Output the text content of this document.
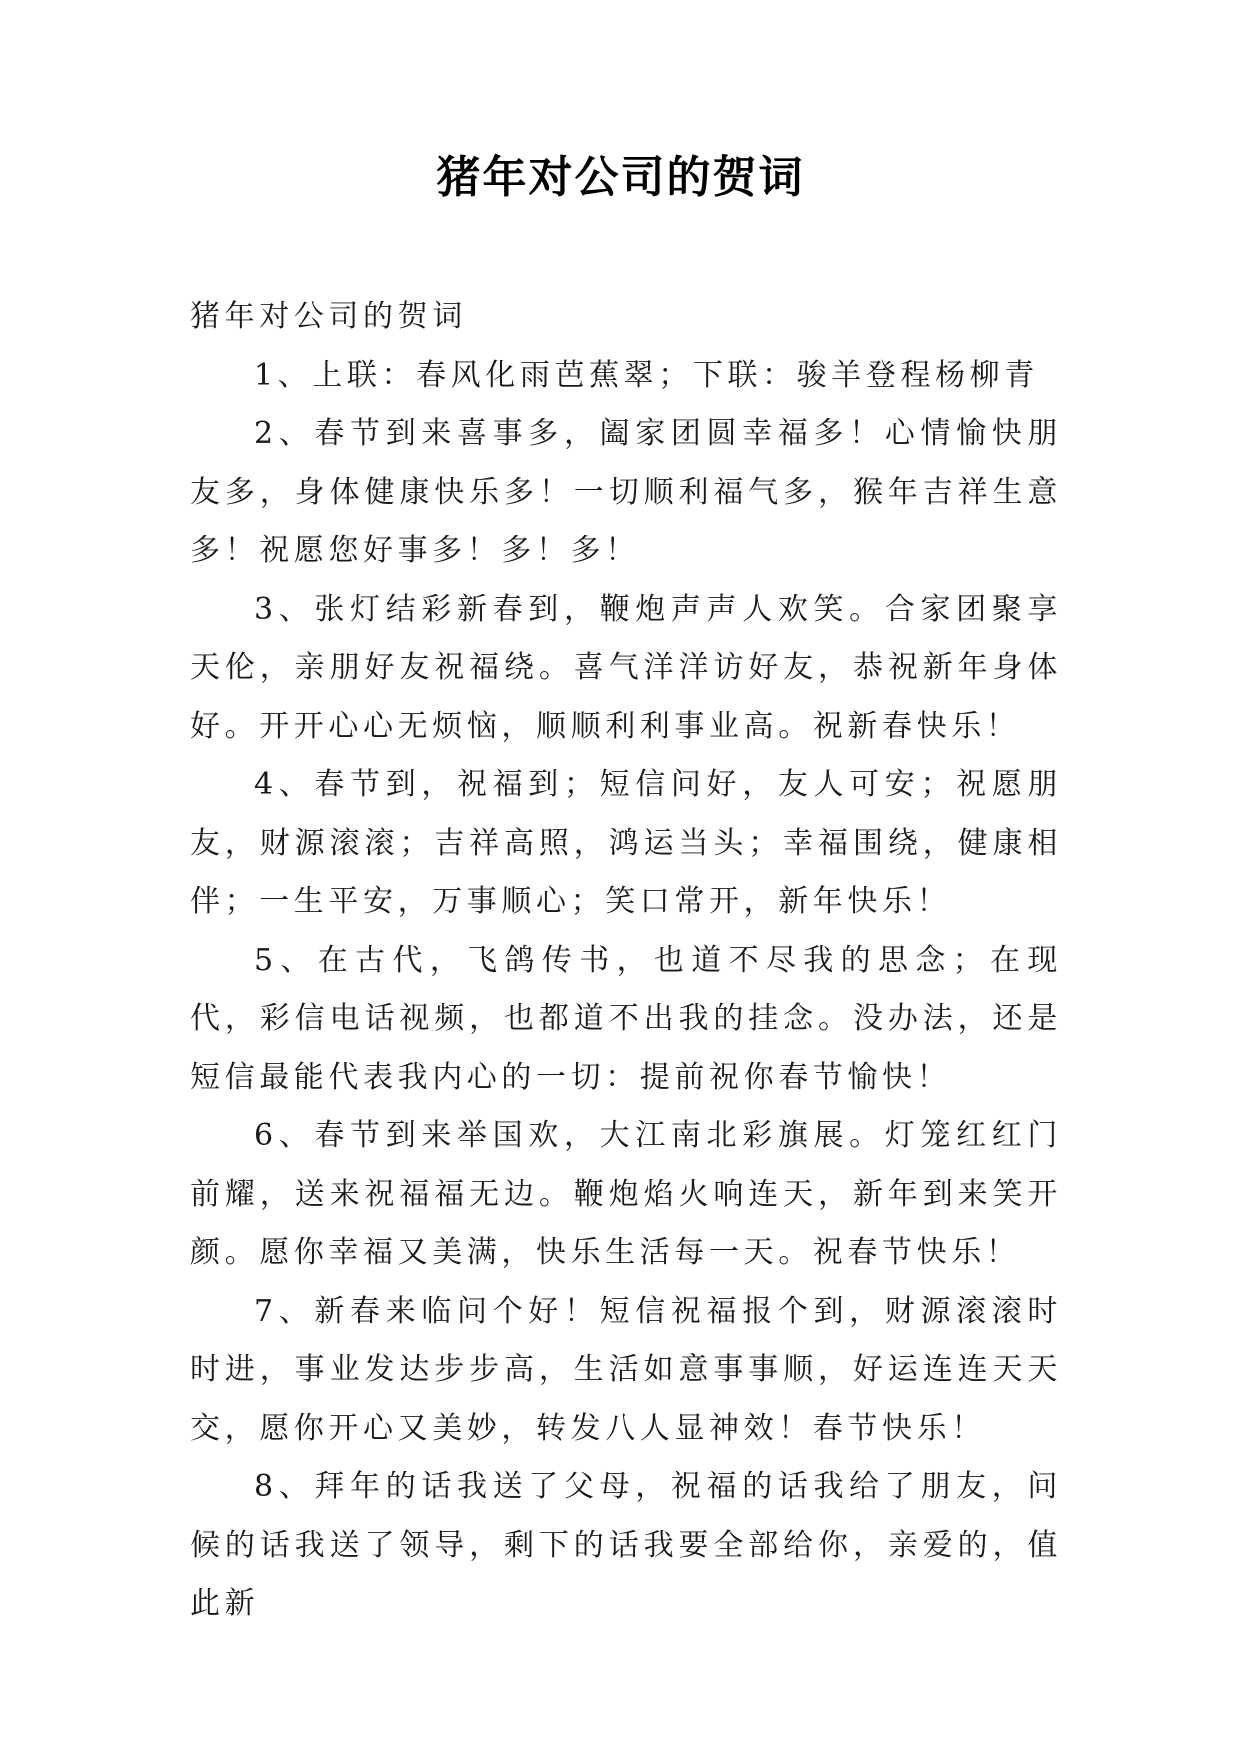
猪年对公司的贺词

猪年对公司的贺词

1、上联：春风化雨芭蕉翠；下联：骏羊登程杨柳青

2、春节到来喜事多，阖家团圆幸福多！心情愉快朋友多，身体健康快乐多！一切顺利福气多，猴年吉祥生意多！祝愿您好事多！多！多！

3、张灯结彩新春到，鞭炮声声人欢笑。合家团聚享天伦，亲朋好友祝福绕。喜气洋洋访好友，恭祝新年身体好。开开心心无烦恼，顺顺利利事业高。祝新春快乐！

4、春节到，祝福到；短信问好，友人可安；祝愿朋友，财源滚滚；吉祥高照，鸿运当头；幸福围绕，健康相伴；一生平安，万事顺心；笑口常开，新年快乐！

5、在古代，飞鸽传书，也道不尽我的思念；在现代，彩信电话视频，也都道不出我的挂念。没办法，还是短信最能代表我内心的一切：提前祝你春节愉快！

6、春节到来举国欢，大江南北彩旗展。灯笼红红门前耀，送来祝福福无边。鞭炮焰火响连天，新年到来笑开颜。愿你幸福又美满，快乐生活每一天。祝春节快乐！

7、新春来临问个好！短信祝福报个到，财源滚滚时时进，事业发达步步高，生活如意事事顺，好运连连天天交，愿你开心又美妙，转发八人显神效！春节快乐！

8、拜年的话我送了父母，祝福的话我给了朋友，问候的话我送了领导，剩下的话我要全部给你，亲爱的，值此新
